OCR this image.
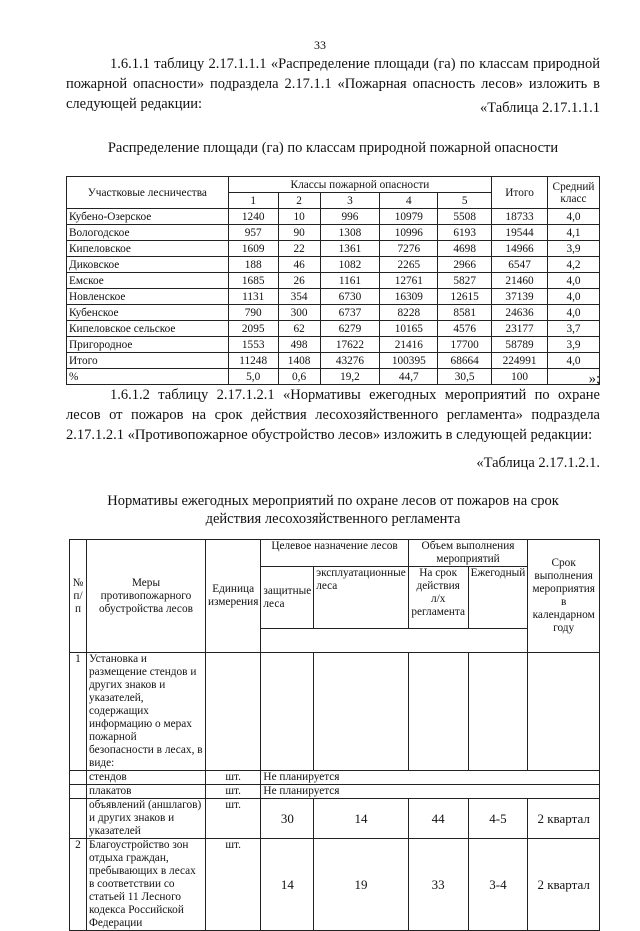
33
1.6.1.1 таблицу 2.17.1.1.1 «Распределение площади (га) по классам природной пожарной опасности» подраздела 2.17.1.1 «Пожарная опасность лесов» изложить в следующей редакции:	«Таблица 2.17.1.1.1
Распределение площади (га) по классам природной пожарной опасности
Участковые лесничества	Классы пожарной опасности					Итого	Средний класс
	1	2	3	4	5		
Кубено-Озерское	1240	10	996	10979	5508	18733	4,0
Вологодское	957	90	1308	10996	6193	19544	4,1
Кипеловское	1609	22	1361	7276	4698	14966	3,9
Диковское	188	46	1082	2265	2966	6547	4,2
Емское	1685	26	1161	12761	5827	21460	4,0
Новленское	1131	354	6730	16309	12615	37139	4,0
Кубенское	790	300	6737	8228	8581	24636	4,0
Кипеловское сельское	2095	62	6279	10165	4576	23177	3,7
Пригородное	1553	498	17622	21416	17700	58789	3,9
Итого	11248	1408	43276	100395	68664	224991	4,0
%	5,0	0,6	19,2	44,7	30,5	100		»;
1.6.1.2 таблицу 2.17.1.2.1 «Нормативы ежегодных мероприятий по охране лесов от пожаров на срок действия лесохозяйственного регламента» подраздела 2.17.1.2.1 «Противопожарное обустройство лесов» изложить в следующей редакции:
«Таблица 2.17.1.2.1.
Нормативы ежегодных мероприятий по охране лесов от пожаров на срок
действия лесохозяйственного регламента
№ п/п	Меры противопожарного обустройства лесов	Единица измерения	Целевое назначение лесов		Объем выполнения мероприятий		Срок выполнения мероприятия в календарном году
			защитные леса	эксплуатационные леса	На срок действия л/х регламента	Ежегодный	

1	Установка и размещение стендов и других знаков и указателей, содержащих информацию о мерах пожарной безопасности в лесах, в виде:						
	стендов	шт.	Не планируется				
	плакатов	шт.	Не планируется				
	объявлений (аншлагов) и других знаков и указателей	шт.	30	14	44	4-5	2 квартал
2	Благоустройство зон отдыха граждан, пребывающих в лесах в соответствии со статьей 11 Лесного кодекса Российской Федерации	шт.	14	19	33	3-4	2 квартал
